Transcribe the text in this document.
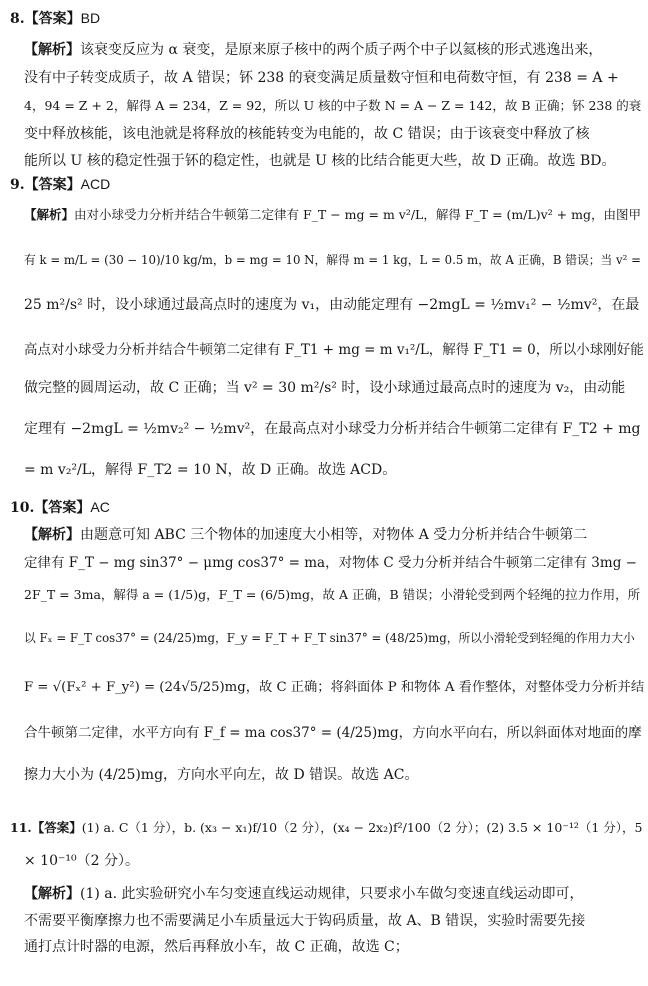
8.【答案】BD
【解析】该衰变反应为 α 衰变，是原来原子核中的两个质子两个中子以氦核的形式逃逸出来，
没有中子转变成质子，故 A 错误；钚 238 的衰变满足质量数守恒和电荷数守恒，有 238 = A +
4，94 = Z + 2，解得 A = 234，Z = 92，所以 U 核的中子数 N = A − Z = 142，故 B 正确；钚 238 的衰
变中释放核能，该电池就是将释放的核能转变为电能的，故 C 错误；由于该衰变中释放了核
能所以 U 核的稳定性强于钚的稳定性，也就是 U 核的比结合能更大些，故 D 正确。故选 BD。
9.【答案】ACD
【解析】由对小球受力分析并结合牛顿第二定律有 F_T − mg = m v²/L，解得 F_T = (m/L)v² + mg，由图甲
有 k = m/L = (30 − 10)/10 kg/m，b = mg = 10 N，解得 m = 1 kg，L = 0.5 m，故 A 正确，B 错误；当 v² =
25 m²/s² 时，设小球通过最高点时的速度为 v₁，由动能定理有 −2mgL = ½mv₁² − ½mv²，在最
高点对小球受力分析并结合牛顿第二定律有 F_T1 + mg = m v₁²/L，解得 F_T1 = 0，所以小球刚好能
做完整的圆周运动，故 C 正确；当 v² = 30 m²/s² 时，设小球通过最高点时的速度为 v₂，由动能
定理有 −2mgL = ½mv₂² − ½mv²，在最高点对小球受力分析并结合牛顿第二定律有 F_T2 + mg
= m v₂²/L，解得 F_T2 = 10 N，故 D 正确。故选 ACD。
10.【答案】AC
【解析】由题意可知 ABC 三个物体的加速度大小相等，对物体 A 受力分析并结合牛顿第二
定律有 F_T − mg sin37° − μmg cos37° = ma，对物体 C 受力分析并结合牛顿第二定律有 3mg −
2F_T = 3ma，解得 a = (1/5)g，F_T = (6/5)mg，故 A 正确，B 错误；小滑轮受到两个轻绳的拉力作用，所
以 Fₓ = F_T cos37° = (24/25)mg，F_y = F_T + F_T sin37° = (48/25)mg，所以小滑轮受到轻绳的作用力大小
F = √(Fₓ² + F_y²) = (24√5/25)mg，故 C 正确；将斜面体 P 和物体 A 看作整体，对整体受力分析并结
合牛顿第二定律，水平方向有 F_f = ma cos37° = (4/25)mg，方向水平向右，所以斜面体对地面的摩
擦力大小为 (4/25)mg，方向水平向左，故 D 错误。故选 AC。
11.【答案】(1) a. C（1 分），b. (x₃ − x₁)f/10（2 分），(x₄ − 2x₂)f²/100（2 分）；(2) 3.5 × 10⁻¹²（1 分），5
× 10⁻¹⁰（2 分）。
【解析】(1) a. 此实验研究小车匀变速直线运动规律，只要求小车做匀变速直线运动即可，
不需要平衡摩擦力也不需要满足小车质量远大于钩码质量，故 A、B 错误，实验时需要先接
通打点计时器的电源，然后再释放小车，故 C 正确，故选 C；
